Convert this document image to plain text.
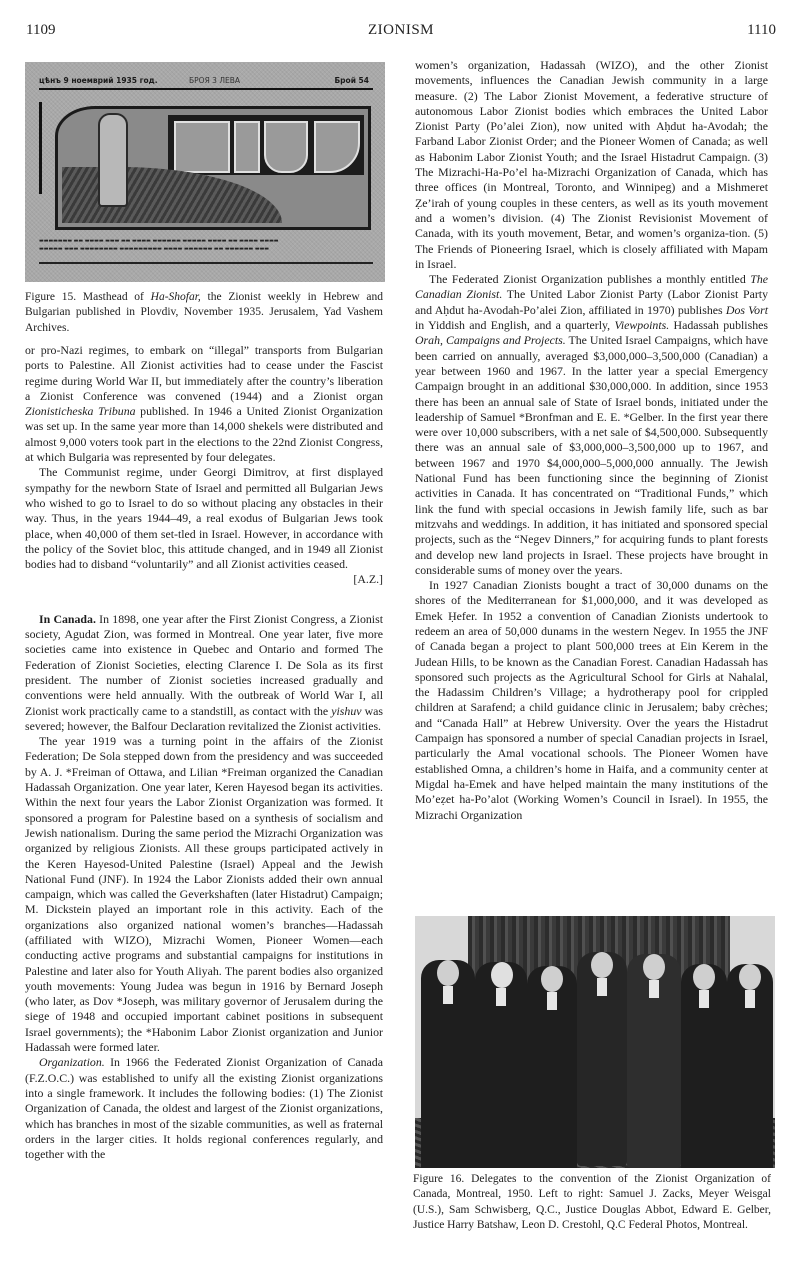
1109	ZIONISM	1110
цѣнъ 9 ноемврий 1935 год.	БРОЯ 3 ЛЕВА	Брой 54
▬▬▬▬▬▬▬ ▬▬ ▬▬▬▬ ▬▬▬ ▬▬ ▬▬▬▬ ▬▬▬▬▬▬ ▬▬▬▬▬ ▬▬▬▬ ▬▬ ▬▬▬▬ ▬▬▬▬
▬▬▬▬▬ ▬▬▬ ▬▬▬▬▬▬▬▬ ▬▬▬▬▬▬▬▬▬ ▬▬▬▬ ▬▬▬▬▬▬ ▬▬ ▬▬▬▬▬▬ ▬▬▬

Figure 15. Masthead of Ha-Shofar, the Zionist weekly in Hebrew and Bulgarian published in Plovdiv, November 1935. Jerusalem, Yad Vashem Archives.

or pro-Nazi regimes, to embark on “illegal” transports from Bulgarian ports to Palestine. All Zionist activities had to cease under the Fascist regime during World War II, but immediately after the country’s liberation a Zionist Conference was convened (1944) and a Zionist organ Zionisticheska Tribuna published. In 1946 a United Zionist Organization was set up. In the same year more than 14,000 shekels were distributed and almost 9,000 voters took part in the elections to the 22nd Zionist Congress, at which Bulgaria was represented by four delegates.

The Communist regime, under Georgi Dimitrov, at first displayed sympathy for the newborn State of Israel and permitted all Bulgarian Jews who wished to go to Israel to do so without placing any obstacles in their way. Thus, in the years 1944–49, a real exodus of Bulgarian Jews took place, when 40,000 of them set-tled in Israel. However, in accordance with the policy of the Soviet bloc, this attitude changed, and in 1949 all Zionist bodies had to disband “voluntarily” and all Zionist activities ceased.

[A.Z.]

In Canada. In 1898, one year after the First Zionist Congress, a Zionist society, Agudat Zion, was formed in Montreal. One year later, five more societies came into existence in Quebec and Ontario and formed The Federation of Zionist Societies, electing Clarence I. De Sola as its first president. The number of Zionist societies increased gradually and conventions were held annually. With the outbreak of World War I, all Zionist work practically came to a standstill, as contact with the yishuv was severed; however, the Balfour Declaration revitalized the Zionist activities.

The year 1919 was a turning point in the affairs of the Zionist Federation; De Sola stepped down from the presidency and was succeeded by A. J. *Freiman of Ottawa, and Lilian *Freiman organized the Canadian Hadassah Organization. One year later, Keren Hayesod began its activities. Within the next four years the Labor Zionist Organization was formed. It sponsored a program for Palestine based on a synthesis of socialism and Jewish nationalism. During the same period the Mizrachi Organization was organized by religious Zionists. All these groups participated actively in the Keren Hayesod-United Palestine (Israel) Appeal and the Jewish National Fund (JNF). In 1924 the Labor Zionists added their own annual campaign, which was called the Geverkshaften (later Histadrut) Campaign; M. Dickstein played an important role in this activity. Each of the organizations also organized national women’s branches—Hadassah (affiliated with WIZO), Mizrachi Women, Pioneer Women—each conducting active programs and substantial campaigns for institutions in Palestine and later also for Youth Aliyah. The parent bodies also organized youth movements: Young Judea was begun in 1916 by Bernard Joseph (who later, as Dov *Joseph, was military governor of Jerusalem during the siege of 1948 and occupied important cabinet positions in subsequent Israel governments); the *Habonim Labor Zionist organization and Junior Hadassah were formed later.

Organization. In 1966 the Federated Zionist Organization of Canada (F.Z.O.C.) was established to unify all the existing Zionist organizations into a single framework. It includes the following bodies: (1) The Zionist Organization of Canada, the oldest and largest of the Zionist organizations, which has branches in most of the sizable communities, as well as fraternal orders in the larger cities. It holds regional conferences regularly, and together with the

women’s organization, Hadassah (WIZO), and the other Zionist movements, influences the Canadian Jewish community in a large measure. (2) The Labor Zionist Movement, a federative structure of autonomous Labor Zionist bodies which embraces the United Labor Zionist Party (Po’alei Zion), now united with Aḥdut ha-Avodah; the Farband Labor Zionist Order; and the Pioneer Women of Canada; as well as Habonim Labor Zionist Youth; and the Israel Histadrut Campaign. (3) The Mizrachi-Ha-Po’el ha-Mizrachi Organization of Canada, which has three offices (in Montreal, Toronto, and Winnipeg) and a Mishmeret Ẓe’irah of young couples in these centers, as well as its youth movement and a women’s division. (4) The Zionist Revisionist Movement of Canada, with its youth movement, Betar, and women’s organiza-tion. (5) The Friends of Pioneering Israel, which is closely affiliated with Mapam in Israel.

The Federated Zionist Organization publishes a monthly entitled The Canadian Zionist. The United Labor Zionist Party (Labor Zionist Party and Aḥdut ha-Avodah-Po’alei Zion, affiliated in 1970) publishes Dos Vort in Yiddish and English, and a quarterly, Viewpoints. Hadassah publishes Orah, Campaigns and Projects. The United Israel Campaigns, which have been carried on annually, averaged $3,000,000–3,500,000 (Canadian) a year between 1960 and 1967. In the latter year a special Emergency Campaign brought in an additional $30,000,000. In addition, since 1953 there has been an annual sale of State of Israel bonds, initiated under the leadership of Samuel *Bronfman and E. E. *Gelber. In the first year there were over 10,000 subscribers, with a net sale of $4,500,000. Subsequently there was an annual sale of $3,000,000–3,500,000 up to 1967, and between 1967 and 1970 $4,000,000–5,000,000 annually. The Jewish National Fund has been functioning since the beginning of Zionist activities in Canada. It has concentrated on “Traditional Funds,” which link the fund with special occasions in Jewish family life, such as bar mitzvahs and weddings. In addition, it has initiated and sponsored special projects, such as the “Negev Dinners,” for acquiring funds to plant forests and develop new land projects in Israel. These projects have brought in considerable sums of money over the years.

In 1927 Canadian Zionists bought a tract of 30,000 dunams on the shores of the Mediterranean for $1,000,000, and it was developed as Emek Ḥefer. In 1952 a convention of Canadian Zionists undertook to redeem an area of 50,000 dunams in the western Negev. In 1955 the JNF of Canada began a project to plant 500,000 trees at Ein Kerem in the Judean Hills, to be known as the Canadian Forest. Canadian Hadassah has sponsored such projects as the Agricultural School for Girls at Nahalal, the Hadassim Children’s Village; a hydrotherapy pool for crippled children at Sarafend; a child guidance clinic in Jerusalem; baby crèches; and “Canada Hall” at Hebrew University. Over the years the Histadrut Campaign has sponsored a number of special Canadian projects in Israel, particularly the Amal vocational schools. The Pioneer Women have established Omna, a children’s home in Haifa, and a community center at Migdal ha-Emek and have helped maintain the many institutions of the Mo’eẓet ha-Po’alot (Working Women’s Council in Israel). In 1955, the Mizrachi Organization

Figure 16. Delegates to the convention of the Zionist Organization of Canada, Montreal, 1950. Left to right: Samuel J. Zacks, Meyer Weisgal (U.S.), Sam Schwisberg, Q.C., Justice Douglas Abbot, Edward E. Gelber, Justice Harry Batshaw, Leon D. Crestohl, Q.C Federal Photos, Montreal.
